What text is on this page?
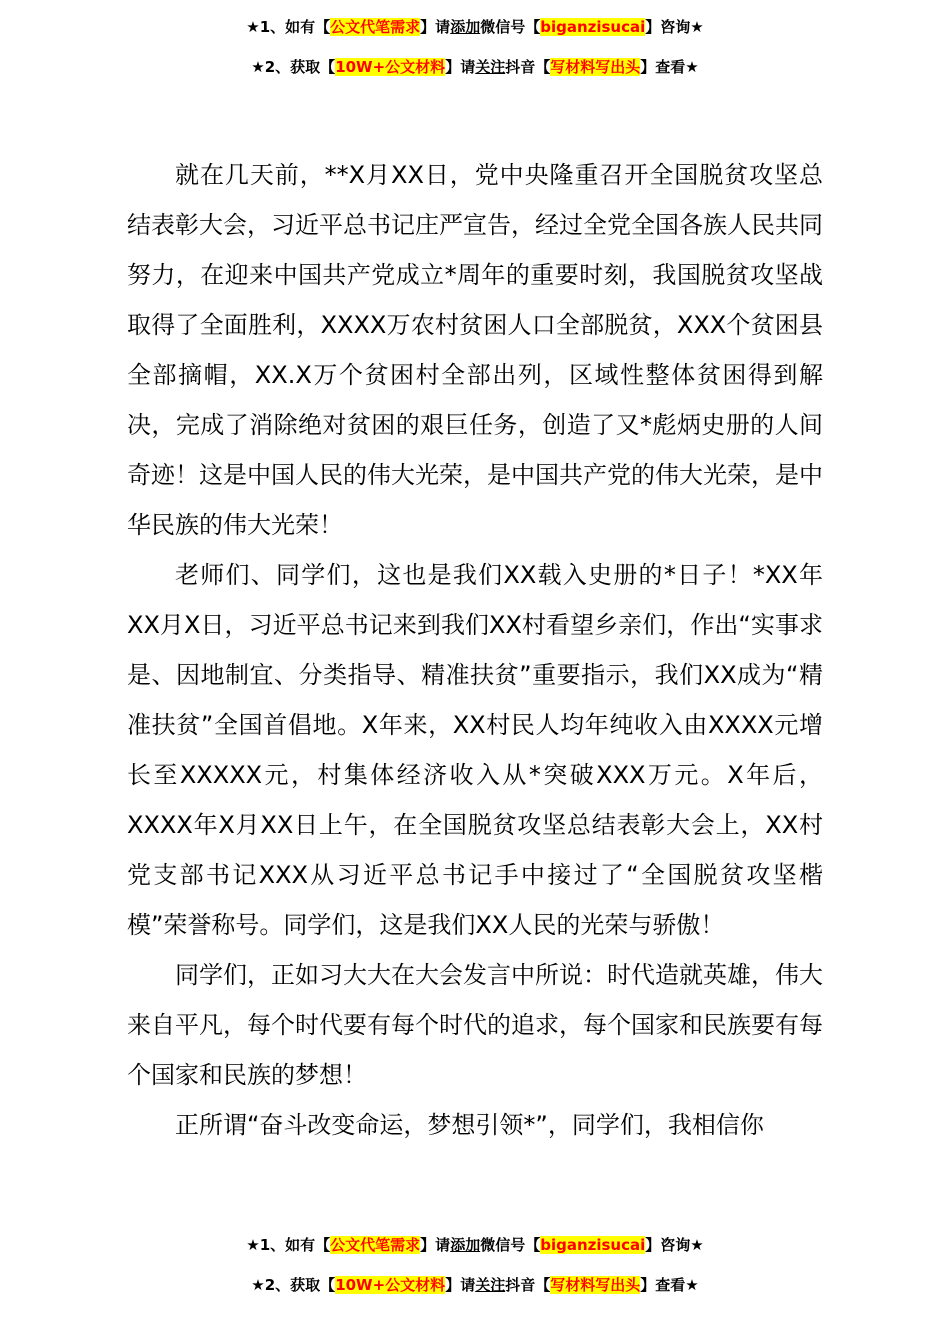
★1、如有【公文代笔需求】请添加微信号【biganzisucai】咨询★
★2、获取【10W+公文材料】请关注抖音【写材料写出头】查看★

就在几天前，**X月XX日，党中央隆重召开全国脱贫攻坚总结表彰大会，习近平总书记庄严宣告，经过全党全国各族人民共同努力，在迎来中国共产党成立*周年的重要时刻，我国脱贫攻坚战取得了全面胜利，XXXX万农村贫困人口全部脱贫，XXX个贫困县全部摘帽，XX.X万个贫困村全部出列，区域性整体贫困得到解决，完成了消除绝对贫困的艰巨任务，创造了又*彪炳史册的人间奇迹！这是中国人民的伟大光荣，是中国共产党的伟大光荣，是中华民族的伟大光荣！

老师们、同学们，这也是我们XX载入史册的*日子！*XX年XX月X日，习近平总书记来到我们XX村看望乡亲们，作出“实事求是、因地制宜、分类指导、精准扶贫”重要指示，我们XX成为“精准扶贫”全国首倡地。X年来，XX村民人均年纯收入由XXXX元增长至XXXXX元，村集体经济收入从*突破XXX万元。X年后，XXXX年X月XX日上午，在全国脱贫攻坚总结表彰大会上，XX村党支部书记XXX从习近平总书记手中接过了“全国脱贫攻坚楷模”荣誉称号。同学们，这是我们XX人民的光荣与骄傲！

同学们，正如习大大在大会发言中所说：时代造就英雄，伟大来自平凡，每个时代要有每个时代的追求，每个国家和民族要有每个国家和民族的梦想！

正所谓“奋斗改变命运，梦想引领*”，同学们，我相信你

★1、如有【公文代笔需求】请添加微信号【biganzisucai】咨询★
★2、获取【10W+公文材料】请关注抖音【写材料写出头】查看★
